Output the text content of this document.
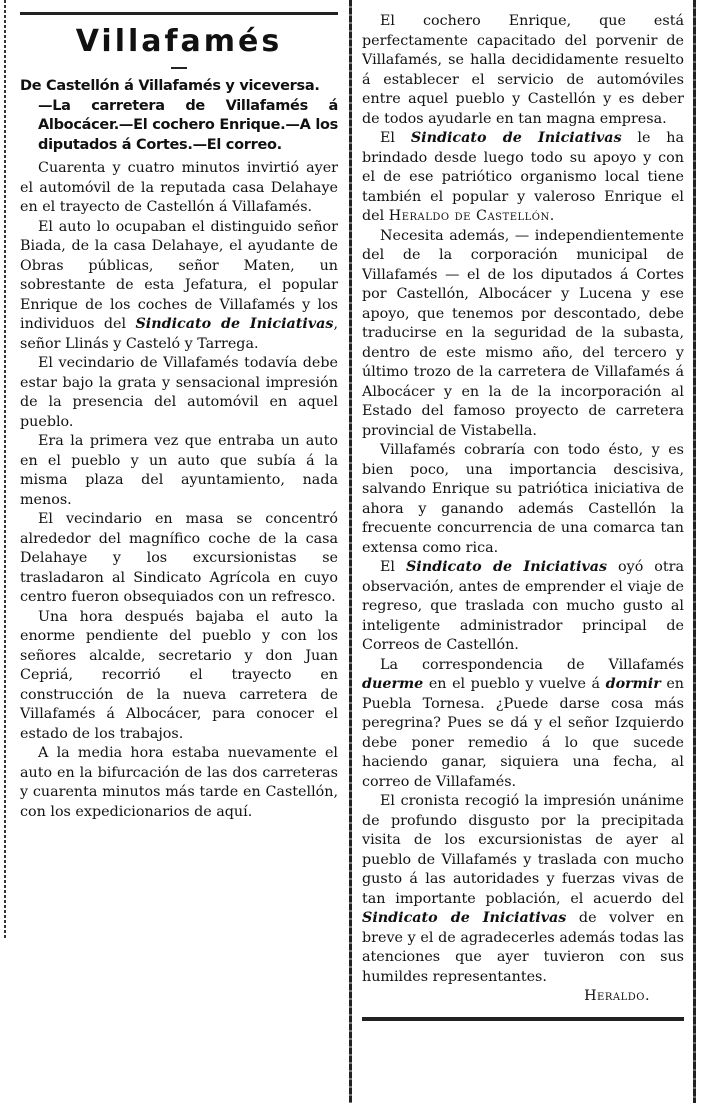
Villafamés
De Castellón á Villafamés y viceversa.
—La carretera de Villafamés á Albocácer.—El cochero Enrique.—A los diputados á Cortes.—El correo.

Cuarenta y cuatro minutos invirtió ayer el automóvil de la reputada casa Delahaye en el trayecto de Castellón á Villafamés.

El auto lo ocupaban el distinguido señor Biada, de la casa Delahaye, el ayudante de Obras públicas, señor Maten, un sobrestante de esta Jefatura, el popular Enrique de los coches de Villafamés y los individuos del Sindicato de Iniciativas, señor Llinás y Casteló y Tarrega.

El vecindario de Villafamés todavía debe estar bajo la grata y sensacional impresión de la presencia del automóvil en aquel pueblo.

Era la primera vez que entraba un auto en el pueblo y un auto que subía á la misma plaza del ayuntamiento, nada menos.

El vecindario en masa se concentró alrededor del magnífico coche de la casa Delahaye y los excursionistas se trasladaron al Sindicato Agrícola en cuyo centro fueron obsequiados con un refresco.

Una hora después bajaba el auto la enorme pendiente del pueblo y con los señores alcalde, secretario y don Juan Cepriá, recorrió el trayecto en construcción de la nueva carretera de Villafamés á Albocácer, para conocer el estado de los trabajos.

A la media hora estaba nuevamente el auto en la bifurcación de las dos carreteras y cuarenta minutos más tarde en Castellón, con los expedicionarios de aquí.

El cochero Enrique, que está perfectamente capacitado del porvenir de Villafamés, se halla decididamente resuelto á establecer el servicio de automóviles entre aquel pueblo y Castellón y es deber de todos ayudarle en tan magna empresa.

El Sindicato de Iniciativas le ha brindado desde luego todo su apoyo y con el de ese patriótico organismo local tiene también el popular y valeroso Enrique el del Heraldo de Castellón.

Necesita además, — independientemente del de la corporación municipal de Villafamés — el de los diputados á Cortes por Castellón, Albocácer y Lucena y ese apoyo, que tenemos por descontado, debe traducirse en la seguridad de la subasta, dentro de este mismo año, del tercero y último trozo de la carretera de Villafamés á Albocácer y en la de la incorporación al Estado del famoso proyecto de carretera provincial de Vistabella.

Villafamés cobraría con todo ésto, y es bien poco, una importancia descisiva, salvando Enrique su patriótica iniciativa de ahora y ganando además Castellón la frecuente concurrencia de una comarca tan extensa como rica.

El Sindicato de Iniciativas oyó otra observación, antes de emprender el viaje de regreso, que traslada con mucho gusto al inteligente administrador principal de Correos de Castellón.

La correspondencia de Villafamés duerme en el pueblo y vuelve á dormir en Puebla Tornesa. ¿Puede darse cosa más peregrina? Pues se dá y el señor Izquierdo debe poner remedio á lo que sucede haciendo ganar, siquiera una fecha, al correo de Villafamés.

El cronista recogió la impresión unánime de profundo disgusto por la precipitada visita de los excursionistas de ayer al pueblo de Villafamés y traslada con mucho gusto á las autoridades y fuerzas vivas de tan importante población, el acuerdo del Sindicato de Iniciativas de volver en breve y el de agradecerles además todas las atenciones que ayer tuvieron con sus humildes representantes.

Heraldo.
